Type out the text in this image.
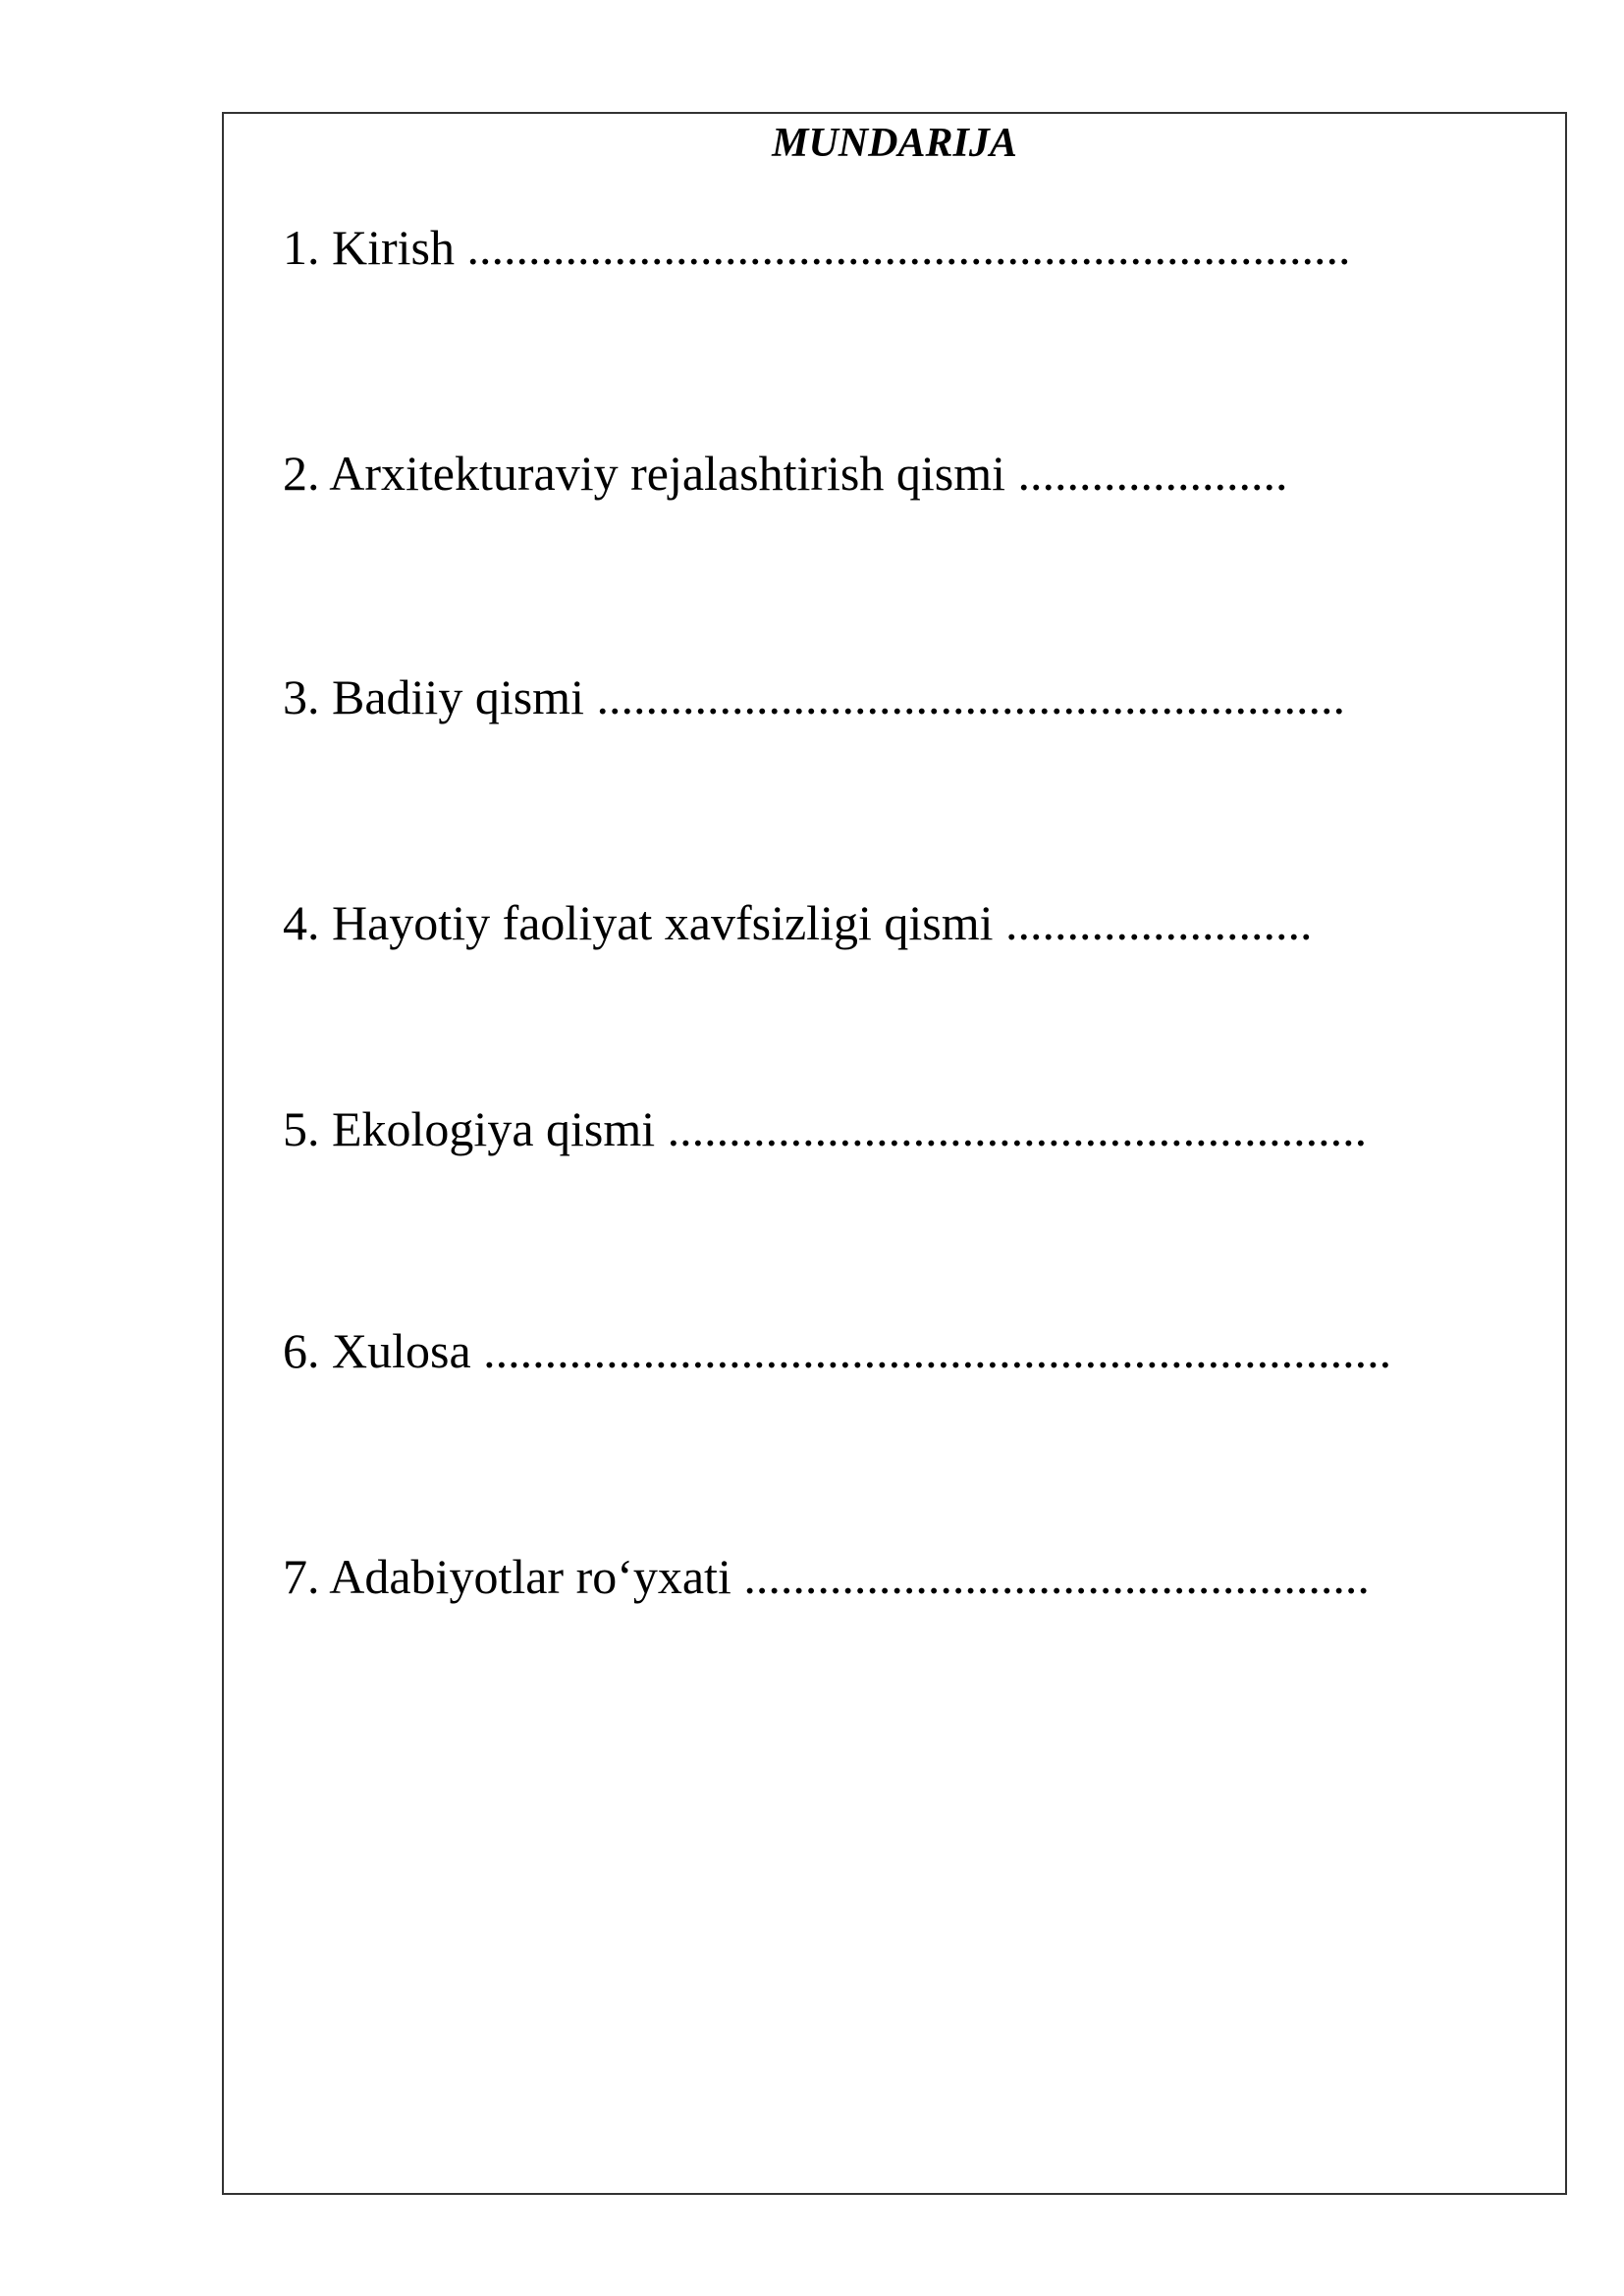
MUNDARIJA
1. Kirish ........................................................................
2. Arxitekturaviy rejalashtirish qismi ......................
3. Badiiy qismi .............................................................
4. Hayotiy faoliyat xavfsizligi qismi .........................
5. Ekologiya qismi .........................................................
6. Xulosa ..........................................................................
7. Adabiyotlar ro‘yxati ...................................................
